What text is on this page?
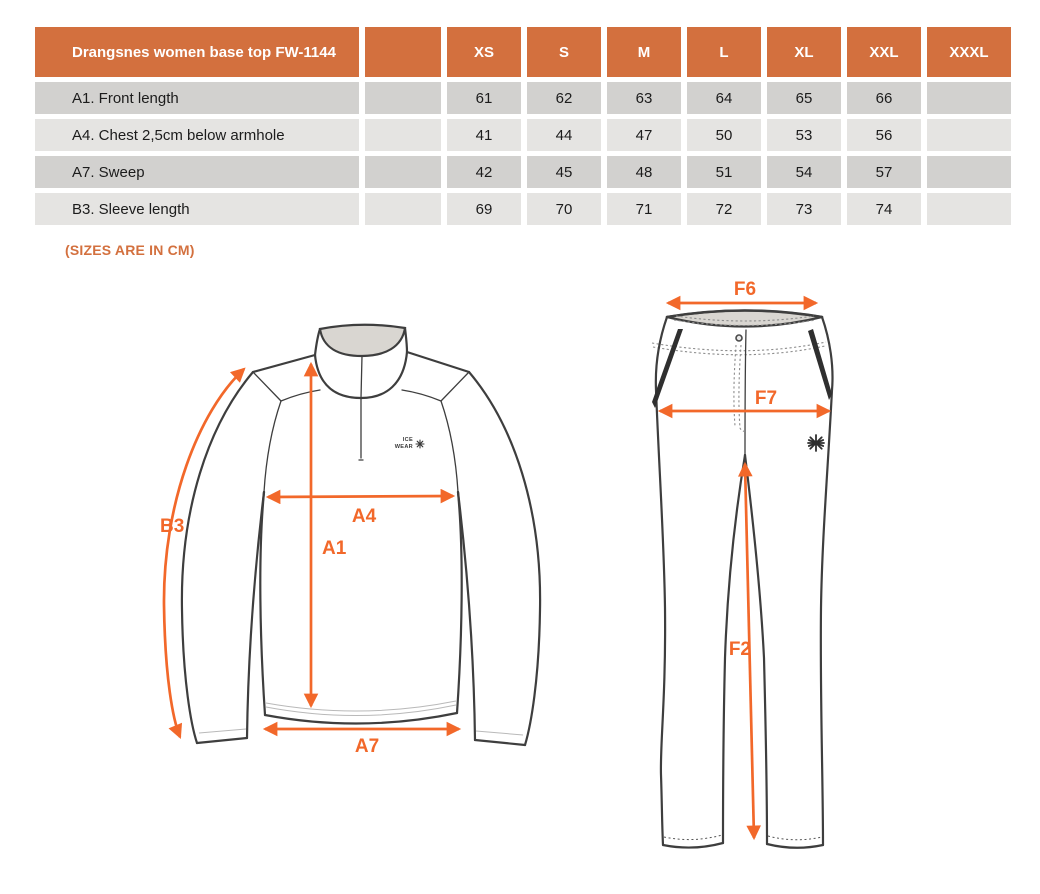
Drangsnes women base top FW-1144		XS	S	M	L	XL	XXL	XXXL
A1. Front length		61	62	63	64	65	66	
A4. Chest 2,5cm below armhole		41	44	47	50	53	56	
A7. Sweep		42	45	48	51	54	57	
B3. Sleeve length		69	70	71	72	73	74	
(SIZES ARE IN CM)
ICE
WEAR
B3	A4
A1
A7
F6
F7
F2
